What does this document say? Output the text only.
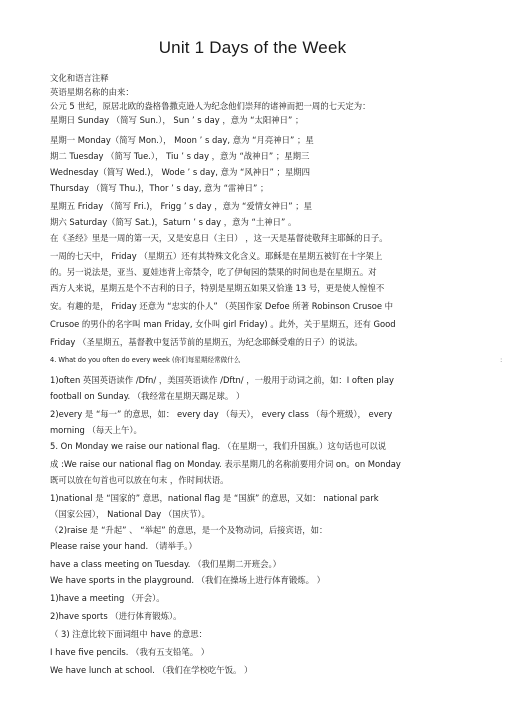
Unit 1 Days of the Week
文化和语言注释
英语星期名称的由来：
公元 5 世纪，原居北欧的盎格鲁撒克逊人为纪念他们崇拜的诸神而把一周的七天定为：
星期日 Sunday （简写 Sun.）， Sun ’ s day ，意为 “太阳神日” ；
星期一 Monday（简写 Mon.）， Moon ’ s day, 意为 “月亮神日” ；星
期二 Tuesday （简写 Tue.）， Tiu ’ s day ，意为 “战神日” ；星期三
Wednesday（简写 Wed.)， Wode ’ s day, 意为 “风神日” ；星期四
Thursday （简写 Thu.)，Thor ’ s day, 意为 “雷神日” ；
星期五 Friday （简写 Fri.)， Frigg ’ s day ，意为 “爱情女神日” ；星
期六 Saturday（简写 Sat.)，Saturn ’ s day ，意为 “土神日” 。
在《圣经》里是一周的第一天，又是安息日（主日） ，这一天是基督徒敬拜主耶稣的日子。
一周的七天中， Friday （星期五）还有其特殊文化含义。耶稣是在星期五被钉在十字架上
的。另一说法是，亚当、夏娃违背上帝禁令，吃了伊甸园的禁果的时间也是在星期五。对
西方人来说，星期五是个不吉利的日子，特别是星期五如果又恰逢 13 号，更是使人惶惶不
安。有趣的是， Friday 还意为 “忠实的仆人” （英国作家 Defoe 所著 Robinson Crusoe 中
Crusoe 的男仆的名字叫 man Friday, 女仆叫 girl Friday) 。此外，关于星期五，还有 Good
Friday （圣星期五，基督教中复活节前的星期五，为纪念耶稣受难的日子）的说法。
4. What do you often do every week (你们每星期经常做什么
1)often 英国英语读作 /Dfn/ ，美国英语读作 /Dftn/ ，一般用于动词之前，如：I often play
football on Sunday. （我经常在星期天踢足球。 ）
2)every 是 “每一” 的意思，如： every day （每天）， every class （每个班级）， every
morning （每天上午）。
5. On Monday we raise our national flag. （在星期一，我们升国旗。）这句话也可以说
成 :We raise our national flag on Monday. 表示星期几的名称前要用介词 on。on Monday
既可以放在句首也可以放在句末 ，作时间状语。
1)national 是 “国家的” 意思，national flag 是 “国旗” 的意思，又如： national park
（国家公园）， National Day （国庆节）。
（2)raise 是 “升起” 、 “举起” 的意思，是一个及物动词，后接宾语，如：
Please raise your hand. （请举手。）
have a class meeting on Tuesday. （我们星期二开班会。）
We have sports in the playground. （我们在操场上进行体育锻炼。 ）
1)have a meeting （开会）。
2)have sports （进行体育锻炼）。
（ 3) 注意比较下面词组中 have 的意思：
I have five pencils. （我有五支铅笔。 ）
We have lunch at school. （我们在学校吃午饭。 ）
:
